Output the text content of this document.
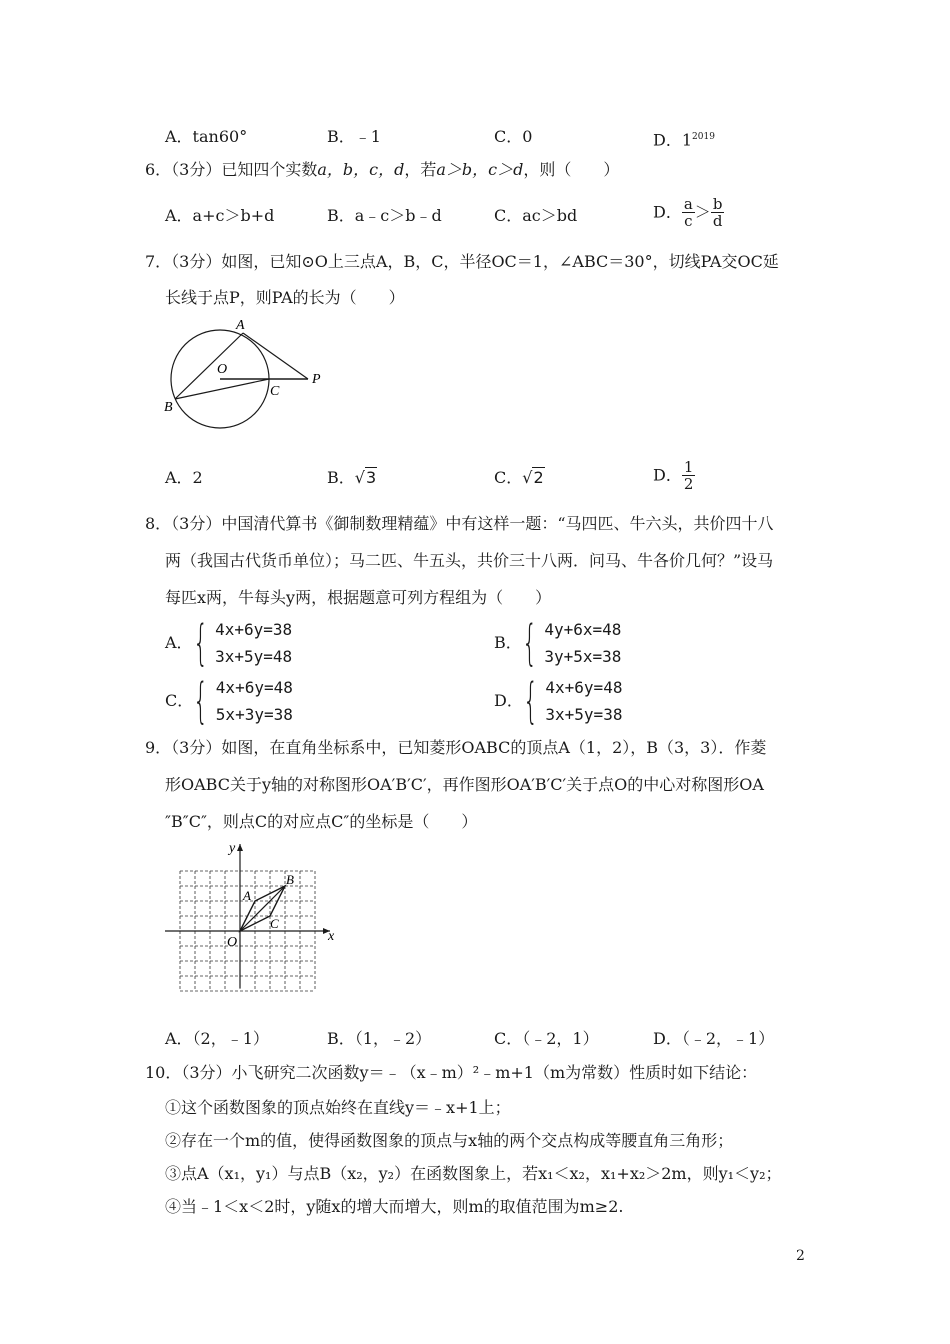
A．tan60°	B．﹣1	C．0	D．$1^{2019}$
6．（3分）已知四个实数a，b，c，d，若a＞b，c＞d，则（　　）
A．a+c＞b+d	B．a﹣c＞b﹣d	C．ac＞bd	D． $\frac{a}{c} > \frac{b}{d}$
7．（3分）如图，已知⊙O上三点A，B，C，半径OC＝1，∠ABC＝30°，切线PA交OC延
长线于点P，则PA的长为（　　）
A
O
B
C
P
A．2	B．√3	C．√2	D． $\frac{1}{2}$
8．（3分）中国清代算书《御制数理精蕴》中有这样一题：“马四匹、牛六头，共价四十八
两（我国古代货币单位）；马二匹、牛五头，共价三十八两．问马、牛各价几何？”设马
每匹x两，牛每头y两，根据题意可列方程组为（　　）
A． { 4x+6y=38
3x+5y=48
B． { 4y+6x=48
3y+5x=38
C． { 4x+6y=48
5x+3y=38
D． { 4x+6y=48
3x+5y=38
9．（3分）如图，在直角坐标系中，已知菱形OABC的顶点A（1，2），B（3，3）．作菱
形OABC关于y轴的对称图形OA′B′C′，再作图形OA′B′C′关于点O的中心对称图形OA
″B″C″，则点C的对应点C″的坐标是（　　）
y
x
O
A
B
C
A．（2，﹣1）	B．（1，﹣2）	C．（﹣2，1）	D．（﹣2，﹣1）
10．（3分）小飞研究二次函数y＝﹣（x﹣m）²﹣m+1（m为常数）性质时如下结论：
①这个函数图象的顶点始终在直线y＝﹣x+1上；
②存在一个m的值，使得函数图象的顶点与x轴的两个交点构成等腰直角三角形；
③点A（x₁，y₁）与点B（x₂，y₂）在函数图象上，若x₁＜x₂，x₁+x₂＞2m，则y₁＜y₂；
④当﹣1＜x＜2时，y随x的增大而增大，则m的取值范围为m≥2.
2
